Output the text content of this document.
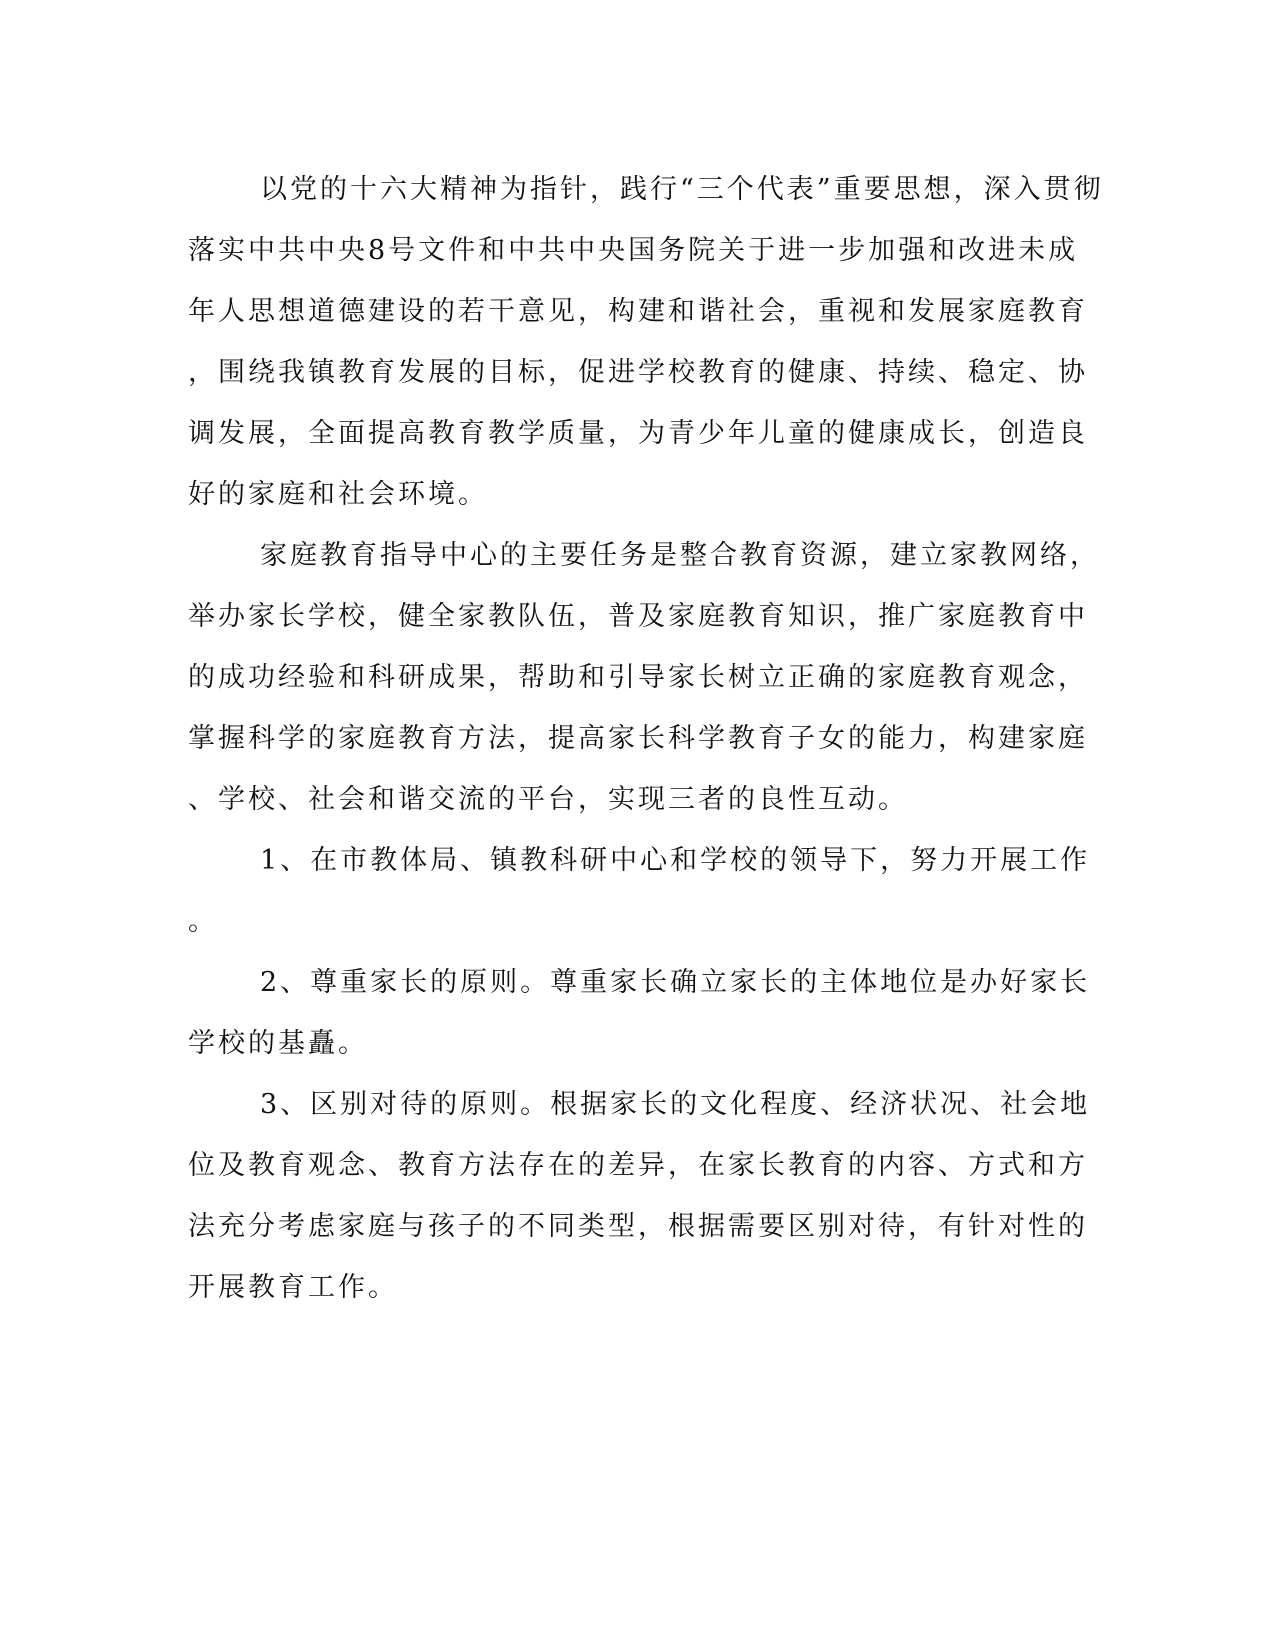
以党的十六大精神为指针，践行“三个代表”重要思想，深入贯彻
落实中共中央8号文件和中共中央国务院关于进一步加强和改进未成
年人思想道德建设的若干意见，构建和谐社会，重视和发展家庭教育
，围绕我镇教育发展的目标，促进学校教育的健康、持续、稳定、协
调发展，全面提高教育教学质量，为青少年儿童的健康成长，创造良
好的家庭和社会环境。
家庭教育指导中心的主要任务是整合教育资源，建立家教网络，
举办家长学校，健全家教队伍，普及家庭教育知识，推广家庭教育中
的成功经验和科研成果，帮助和引导家长树立正确的家庭教育观念，
掌握科学的家庭教育方法，提高家长科学教育子女的能力，构建家庭
、学校、社会和谐交流的平台，实现三者的良性互动。
1、在市教体局、镇教科研中心和学校的领导下，努力开展工作
。
2、尊重家长的原则。尊重家长确立家长的主体地位是办好家长
学校的基矗。
3、区别对待的原则。根据家长的文化程度、经济状况、社会地
位及教育观念、教育方法存在的差异，在家长教育的内容、方式和方
法充分考虑家庭与孩子的不同类型，根据需要区别对待，有针对性的
开展教育工作。
